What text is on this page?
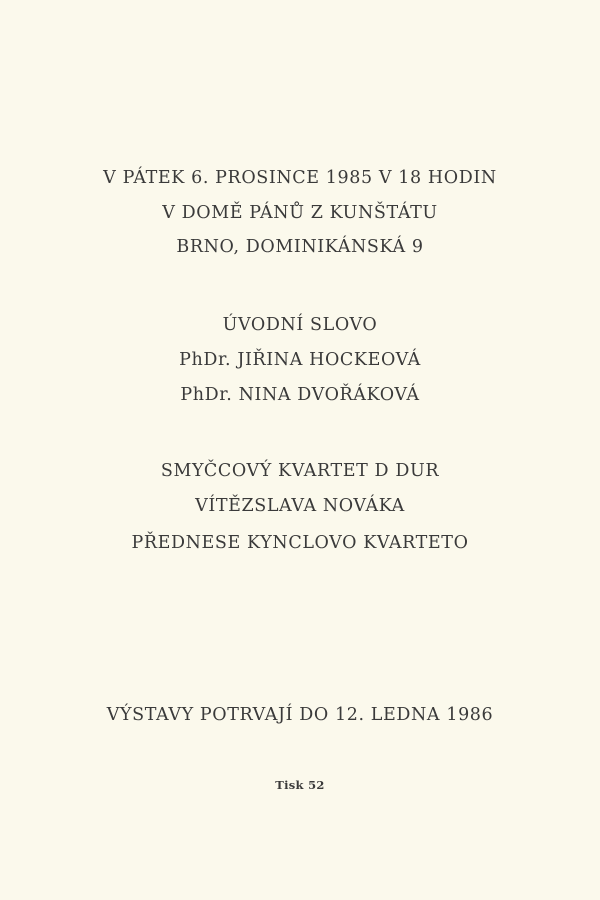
V PÁTEK 6. PROSINCE 1985 V 18 HODIN
V DOMĚ PÁNŮ Z KUNŠTÁTU
BRNO, DOMINIKÁNSKÁ 9
ÚVODNÍ SLOVO
PhDr. JIŘINA HOCKEOVÁ
PhDr. NINA DVOŘÁKOVÁ
SMYČCOVÝ KVARTET D DUR
VÍTĚZSLAVA NOVÁKA
PŘEDNESE KYNCLOVO KVARTETO
VÝSTAVY POTRVAJÍ DO 12. LEDNA 1986
Tisk 52
